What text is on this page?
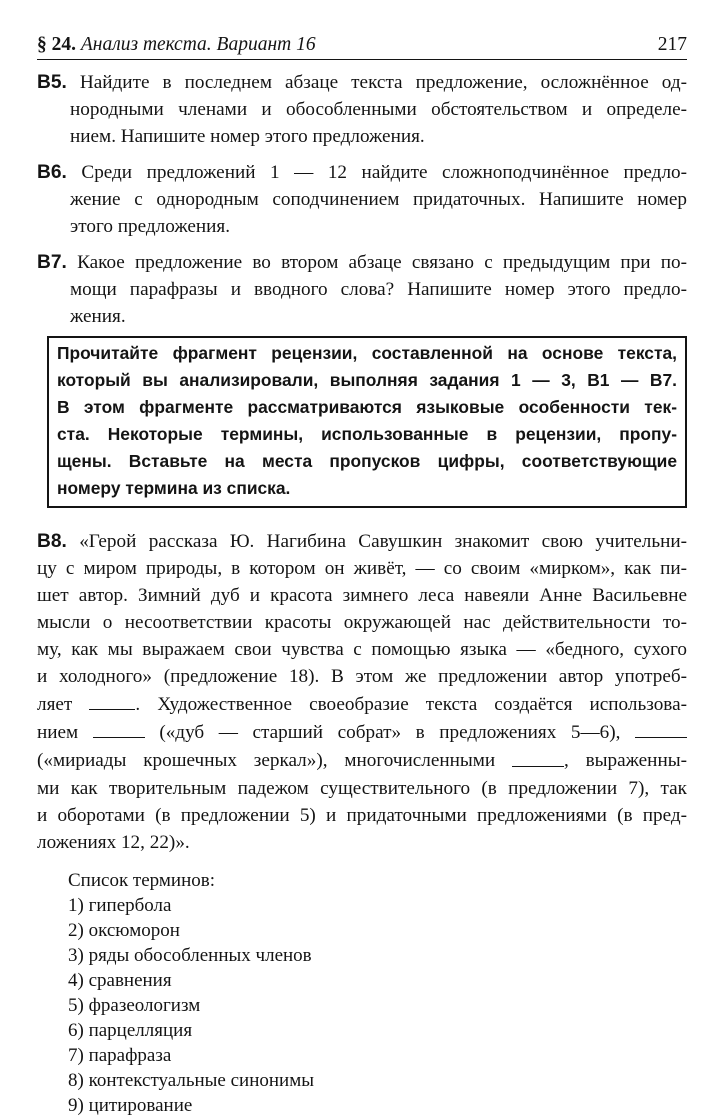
§ 24. Анализ текста. Вариант 16	217
В5. Найдите в последнем абзаце текста предложение, осложнённое од-
нородными членами и обособленными обстоятельством и определе-
нием. Напишите номер этого предложения.
В6. Среди предложений 1 — 12 найдите сложноподчинённое предло-
жение с однородным соподчинением придаточных. Напишите номер
этого предложения.
В7. Какое предложение во втором абзаце связано с предыдущим при по-
мощи парафразы и вводного слова? Напишите номер этого предло-
жения.
Прочитайте фрагмент рецензии, составленной на основе текста,
который вы анализировали, выполняя задания 1 — 3, В1 — В7.
В этом фрагменте рассматриваются языковые особенности тек-
ста. Некоторые термины, использованные в рецензии, пропу-
щены. Вставьте на места пропусков цифры, соответствующие
номеру термина из списка.
В8. «Герой рассказа Ю. Нагибина Савушкин знакомит свою учительни-
цу с миром природы, в котором он живёт, — со своим «мирком», как пи-
шет автор. Зимний дуб и красота зимнего леса навеяли Анне Васильевне
мысли о несоответствии красоты окружающей нас действительности то-
му, как мы выражаем свои чувства с помощью языка — «бедного, сухого
и холодного» (предложение 18). В этом же предложении автор употреб-
ляет	. Художественное своеобразие текста создаётся использова-
нием	(«дуб — старший собрат» в предложениях 5—6),
(«мириады крошечных зеркал»), многочисленными	, выраженны-
ми как творительным падежом существительного (в предложении 7), так
и оборотами (в предложении 5) и придаточными предложениями (в пред-
ложениях 12, 22)».
Список терминов:
1) гипербола
2) оксюморон
3) ряды обособленных членов
4) сравнения
5) фразеологизм
6) парцелляция
7) парафраза
8) контекстуальные синонимы
9) цитирование
